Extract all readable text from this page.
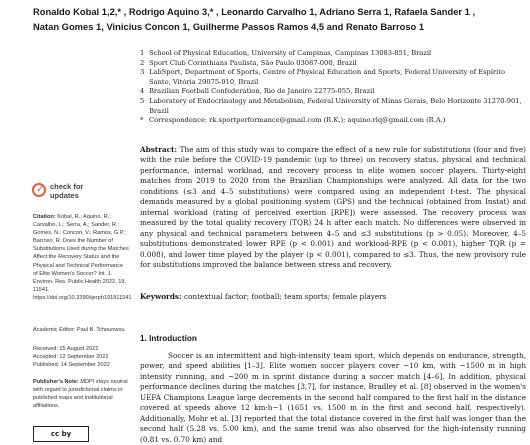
Ronaldo Kobal 1,2,* , Rodrigo Aquino 3,* , Leonardo Carvalho 1, Adriano Serra 1, Rafaela Sander 1 ,
Natan Gomes 1, Vinicius Concon 1, Guilherme Passos Ramos 4,5 and Renato Barroso 1
1 School of Physical Education, University of Campinas, Campinas 13083-851, Brazil
2 Sport Club Corinthians Paulista, São Paulo 03087-000, Brazil
3 LabSport, Department of Sports, Centre of Physical Education and Sports, Federal University of Espírito Santo, Vitória 29075-910, Brazil
4 Brazilian Football Confederation, Rio de Janeiro 22775-055, Brazil
5 Laboratory of Endocrinology and Metabolism, Federal University of Minas Gerais, Belo Horizonte 31270-901, Brazil
* Correspondence: rk.sportperformance@gmail.com (R.K.); aquino.rlq@gmail.com (R.A.)
Abstract: The aim of this study was to compare the effect of a new rule for substitutions (four and five) with the rule before the COVID-19 pandemic (up to three) on recovery status, physical and technical performance, internal workload, and recovery process in elite women soccer players. Thirty-eight matches from 2019 to 2020 from the Brazilian Championships were analyzed. All data for the two conditions (≤3 and 4–5 substitutions) were compared using an independent t-test. The physical demands measured by a global positioning system (GPS) and the technical (obtained from Instat) and internal workload (rating of perceived exertion [RPE]) were assessed. The recovery process was measured by the total quality recovery (TQR) 24 h after each match. No differences were observed in any physical and technical parameters between 4–5 and ≤3 substitutions (p > 0.05). Moreover, 4–5 substitutions demonstrated lower RPE (p < 0.001) and workload-RPE (p < 0.001), higher TQR (p = 0.008), and lower time played by the player (p < 0.001), compared to ≤3. Thus, the new provisory rule for substitutions improved the balance between stress and recovery.
Keywords: contextual factor; football; team sports; female players
✓ check for
updates
Citation: Kobal, R.; Aquino, R.; Carvalho, L.; Serra, A.; Sander, R.; Gomes, N.; Concon, V.; Ramos, G.P.; Barroso, R. Does the Number of Substitutions Used during the Matches Affect the Recovery Status and the Physical and Technical Performance of Elite Women's Soccer? Int. J. Environ. Res. Public Health 2022, 19, 11541. https://doi.org/10.3390/ijerph191811541
Academic Editor: Paul B. Tchounwou
Received: 15 August 2022
Accepted: 12 September 2022
Published: 14 September 2022
Publisher's Note: MDPI stays neutral with regard to jurisdictional claims in published maps and institutional affiliations.
cc by
1. Introduction
Soccer is an intermittent and high-intensity team sport, which depends on endurance, strength, power, and speed abilities [1–3]. Elite women soccer players cover ~10 km, with ~1500 m in high intensity running, and ~200 m in sprint distance during a soccer match [4–6]. In addition, physical performance declines during the matches [3,7], for instance, Bradley et al. [8] observed in the women's UEFA Champions League large decrements in the second half compared to the first half in the distance covered at speeds above 12 km·h−1 (1651 vs. 1500 m in the first and second half, respectively). Additionally, Mohr et al. [3] reported that the total distance covered in the first half was longer than the second half (5.28 vs. 5.00 km), and the same trend was also observed for the high-intensity running (0.81 vs. 0.70 km) and
